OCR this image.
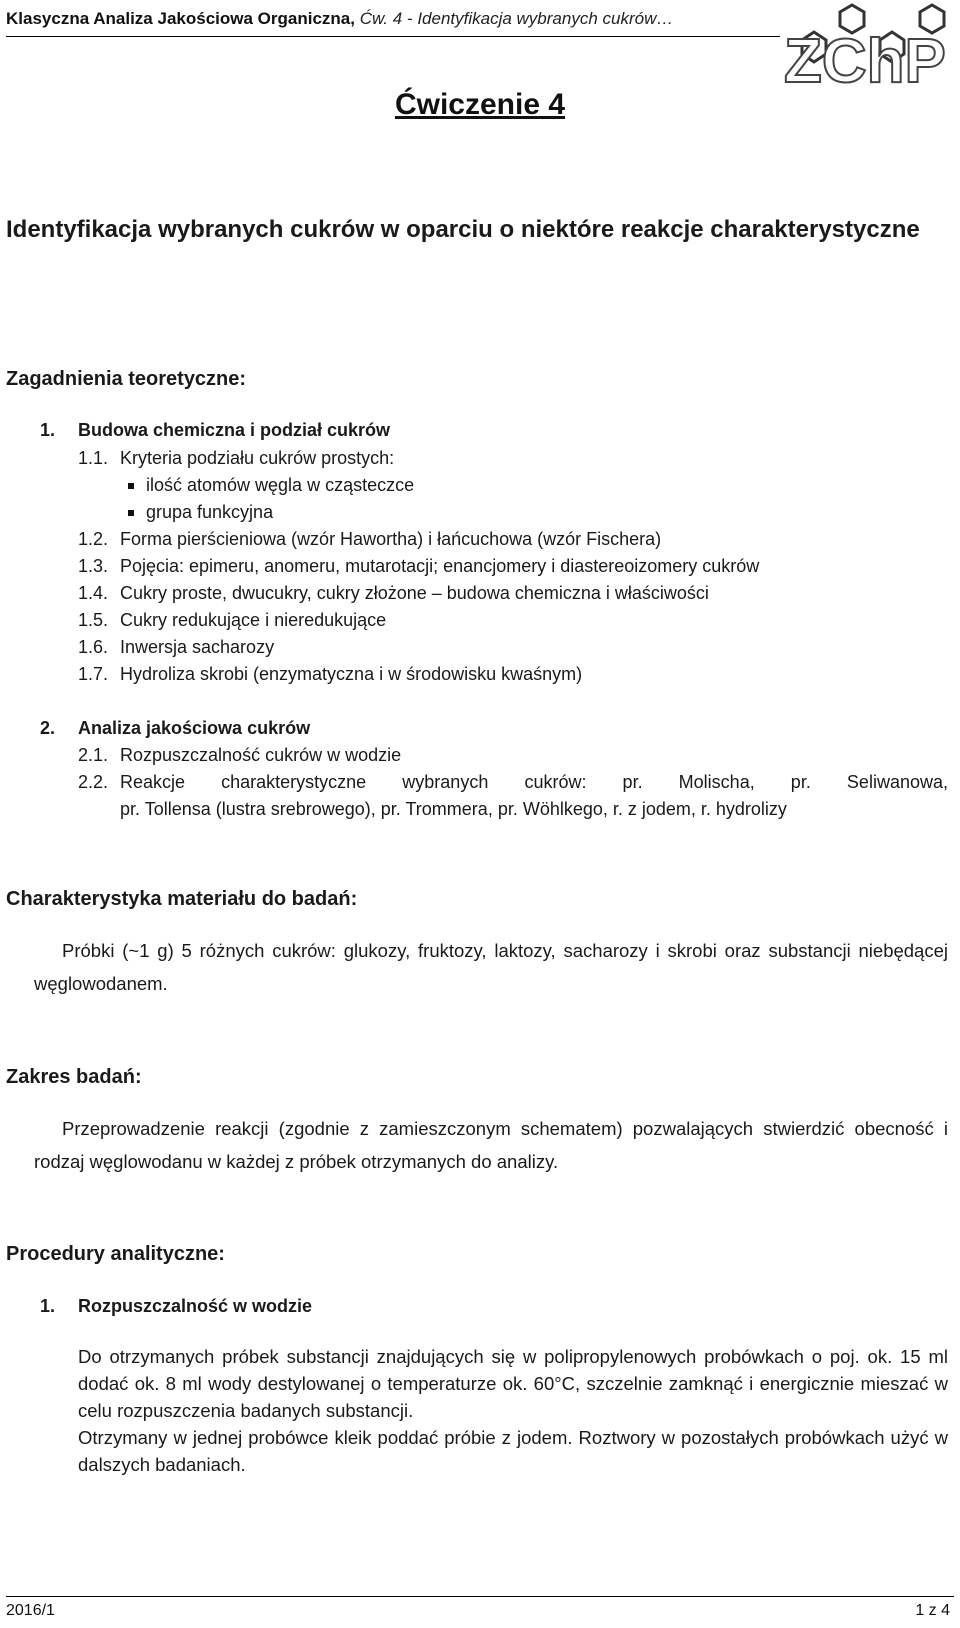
Klasyczna Analiza Jakościowa Organiczna, Ćw. 4 - Identyfikacja wybranych cukrów…
ZChP
Ćwiczenie 4
Identyfikacja wybranych cukrów w oparciu o niektóre reakcje charakterystyczne
Zagadnienia teoretyczne:
1. Budowa chemiczna i podział cukrów
1.1. Kryteria podziału cukrów prostych:
ilość atomów węgla w cząsteczce
grupa funkcyjna
1.2. Forma pierścieniowa (wzór Hawortha) i łańcuchowa (wzór Fischera)
1.3. Pojęcia: epimeru, anomeru, mutarotacji; enancjomery i diastereoizomery cukrów
1.4. Cukry proste, dwucukry, cukry złożone – budowa chemiczna i właściwości
1.5. Cukry redukujące i nieredukujące
1.6. Inwersja sacharozy
1.7. Hydroliza skrobi (enzymatyczna i w środowisku kwaśnym)
2. Analiza jakościowa cukrów
2.1. Rozpuszczalność cukrów w wodzie
2.2. Reakcje charakterystyczne wybranych cukrów: pr. Molischa, pr. Seliwanowa,
pr. Tollensa (lustra srebrowego), pr. Trommera, pr. Wöhlkego, r. z jodem, r. hydrolizy
Charakterystyka materiału do badań:
Próbki (~1 g) 5 różnych cukrów: glukozy, fruktozy, laktozy, sacharozy i skrobi oraz substancji niebędącej węglowodanem.
Zakres badań:
Przeprowadzenie reakcji (zgodnie z zamieszczonym schematem) pozwalających stwierdzić obecność i rodzaj węglowodanu w każdej z próbek otrzymanych do analizy.
Procedury analityczne:
1. Rozpuszczalność w wodzie
Do otrzymanych próbek substancji znajdujących się w polipropylenowych probówkach o poj. ok. 15 ml dodać ok. 8 ml wody destylowanej o temperaturze ok. 60°C, szczelnie zamknąć i energicznie mieszać w celu rozpuszczenia badanych substancji.
Otrzymany w jednej probówce kleik poddać próbie z jodem. Roztwory w pozostałych probówkach użyć w dalszych badaniach.
2016/1	1 z 4
